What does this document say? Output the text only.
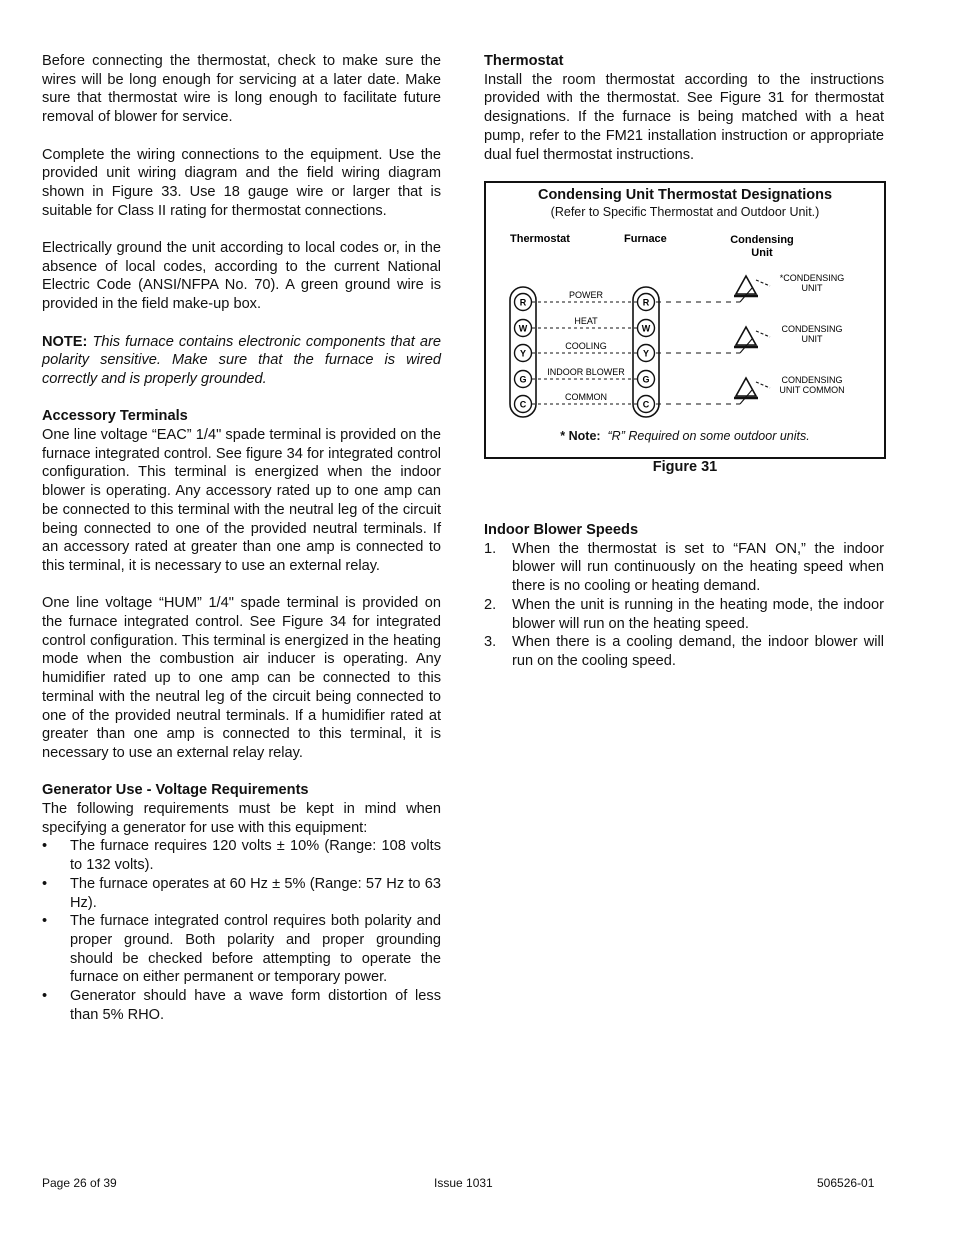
Before connecting the thermostat, check to make sure the wires will be long enough for servicing at a later date. Make sure that thermostat wire is long enough to facilitate future removal of blower for service.

Complete the wiring connections to the equipment. Use the provided unit wiring diagram and the field wiring diagram shown in Figure 33. Use 18 gauge wire or larger that is suitable for Class II rating for thermostat connections.

Electrically ground the unit according to local codes or, in the absence of local codes, according to the current National Electric Code (ANSI/NFPA No. 70). A green ground wire is provided in the field make-up box.

NOTE: This furnace contains electronic components that are polarity sensitive. Make sure that the furnace is wired correctly and is properly grounded.

Accessory Terminals

One line voltage “EAC” 1/4" spade terminal is provided on the furnace integrated control. See figure 34 for integrated control configuration. This terminal is energized when the indoor blower is operating. Any accessory rated up to one amp can be connected to this terminal with the neutral leg of the circuit being connected to one of the provided neutral terminals. If an accessory rated at greater than one amp is connected to this terminal, it is necessary to use an external relay.

One line voltage “HUM” 1/4" spade terminal is provided on the furnace integrated control. See Figure 34 for integrated control configuration. This terminal is energized in the heating mode when the combustion air inducer is operating. Any humidifier rated up to one amp can be connected to this terminal with the neutral leg of the circuit being connected to one of the provided neutral terminals. If a humidifier rated at greater than one amp is connected to this terminal, it is necessary to use an external relay relay.

Generator Use - Voltage Requirements

The following requirements must be kept in mind when specifying a generator for use with this equipment:

• The furnace requires 120 volts ± 10% (Range: 108 volts to 132 volts).
• The furnace operates at 60 Hz ± 5% (Range: 57 Hz to 63 Hz).
• The furnace integrated control requires both polarity and proper ground. Both polarity and proper grounding should be checked before attempting to operate the furnace on either permanent or temporary power.
• Generator should have a wave form distortion of less than 5% RHO.

Thermostat

Install the room thermostat according to the instructions provided with the thermostat. See Figure 31 for thermostat designations. If the furnace is being matched with a heat pump, refer to the FM21 installation instruction or appropriate dual fuel thermostat instructions.

Condensing Unit Thermostat Designations
(Refer to Specific Thermostat and Outdoor Unit.)
Thermostat	Furnace	Condensing
Unit
R	R
POWER
*CONDENSING
UNIT
W	W
HEAT
Y	Y
COOLING
CONDENSING
UNIT
G	G
INDOOR BLOWER
C	C
COMMON
CONDENSING
UNIT COMMON
* Note: “R” Required on some outdoor units.
Figure 31

Indoor Blower Speeds

1. When the thermostat is set to “FAN ON,” the indoor blower will run continuously on the heating speed when there is no cooling or heating demand.
2. When the unit is running in the heating mode, the indoor blower will run on the heating speed.
3. When there is a cooling demand, the indoor blower will run on the cooling speed.
Page 26 of 39	Issue 1031	506526-01
